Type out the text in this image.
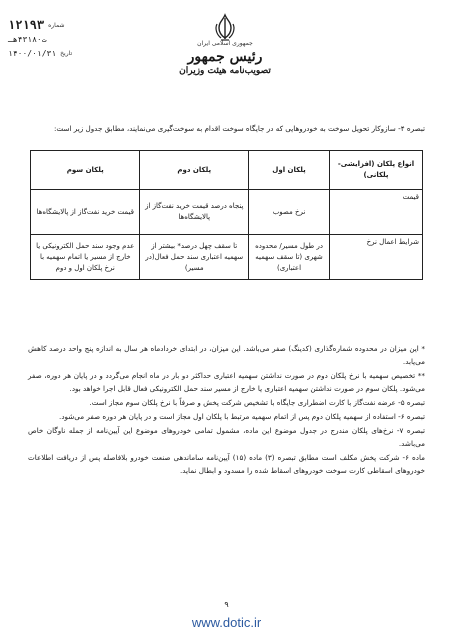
۱۲۱۹۳ شماره
ت۴۳۱۸۰هـ
۱۴۰۰/۰۱/۳۱ تاریخ
جمهوری اسلامی ایران
رئیس جمهور
تصویب‌نامه هیئت وزیران
تبصره ۴- سازوکار تحویل سوخت به خودروهایی که در جایگاه سوخت اقدام به سوخت‌گیری می‌نمایند، مطابق جدول زیر است:
انواع پلکان (افزایشی- پلکانی)	پلکان اول	پلکان دوم	پلکان سوم
قیمت	نرخ مصوب	پنجاه درصد قیمت خرید نفت‌گاز از پالایشگاه‌ها	قیمت خرید نفت‌گاز از پالایشگاه‌ها
شرایط اعمال نرخ	در طول مسیر/ محدوده شهری (تا سقف سهمیه اعتباری)	تا سقف چهل درصد* بیشتر از سهمیه اعتباری سند حمل فعال(در مسیر)	عدم وجود سند حمل الکترونیکی یا خارج از مسیر یا اتمام سهمیه با نرخ پلکان اول و دوم

* این میزان در محدوده شماره‌گذاری (کدینگ) صفر می‌باشد. این میزان، در ابتدای خردادماه هر سال به اندازه پنج واحد درصد کاهش می‌یابد.

** تخصیص سهمیه با نرخ پلکان دوم در صورت نداشتن سهمیه اعتباری حداکثر دو بار در ماه انجام می‌گردد و در پایان هر دوره، صفر می‌شود. پلکان سوم در صورت نداشتن سهمیه اعتباری یا خارج از مسیر سند حمل الکترونیکی فعال قابل اجرا خواهد بود.

تبصره ۵- عرضه نفت‌گاز با کارت اضطراری جایگاه با تشخیص شرکت پخش و صرفاً با نرخ پلکان سوم مجاز است.

تبصره ۶- استفاده از سهمیه پلکان دوم پس از اتمام سهمیه مرتبط با پلکان اول مجاز است و در پایان هر دوره صفر می‌شود.

تبصره ۷- نرخ‌های پلکان مندرج در جدول موضوع این ماده، مشمول تمامی خودروهای موضوع این آیین‌نامه از جمله ناوگان خاص می‌باشد.

ماده ۶- شرکت پخش مکلف است مطابق تبصره (۳) ماده (۱۵) آیین‌نامه ساماندهی صنعت خودرو بلافاصله پس از دریافت اطلاعات خودروهای اسقاطی کارت سوخت خودروهای اسقاط شده را مسدود و ابطال نماید.

۹
www.dotic.ir
